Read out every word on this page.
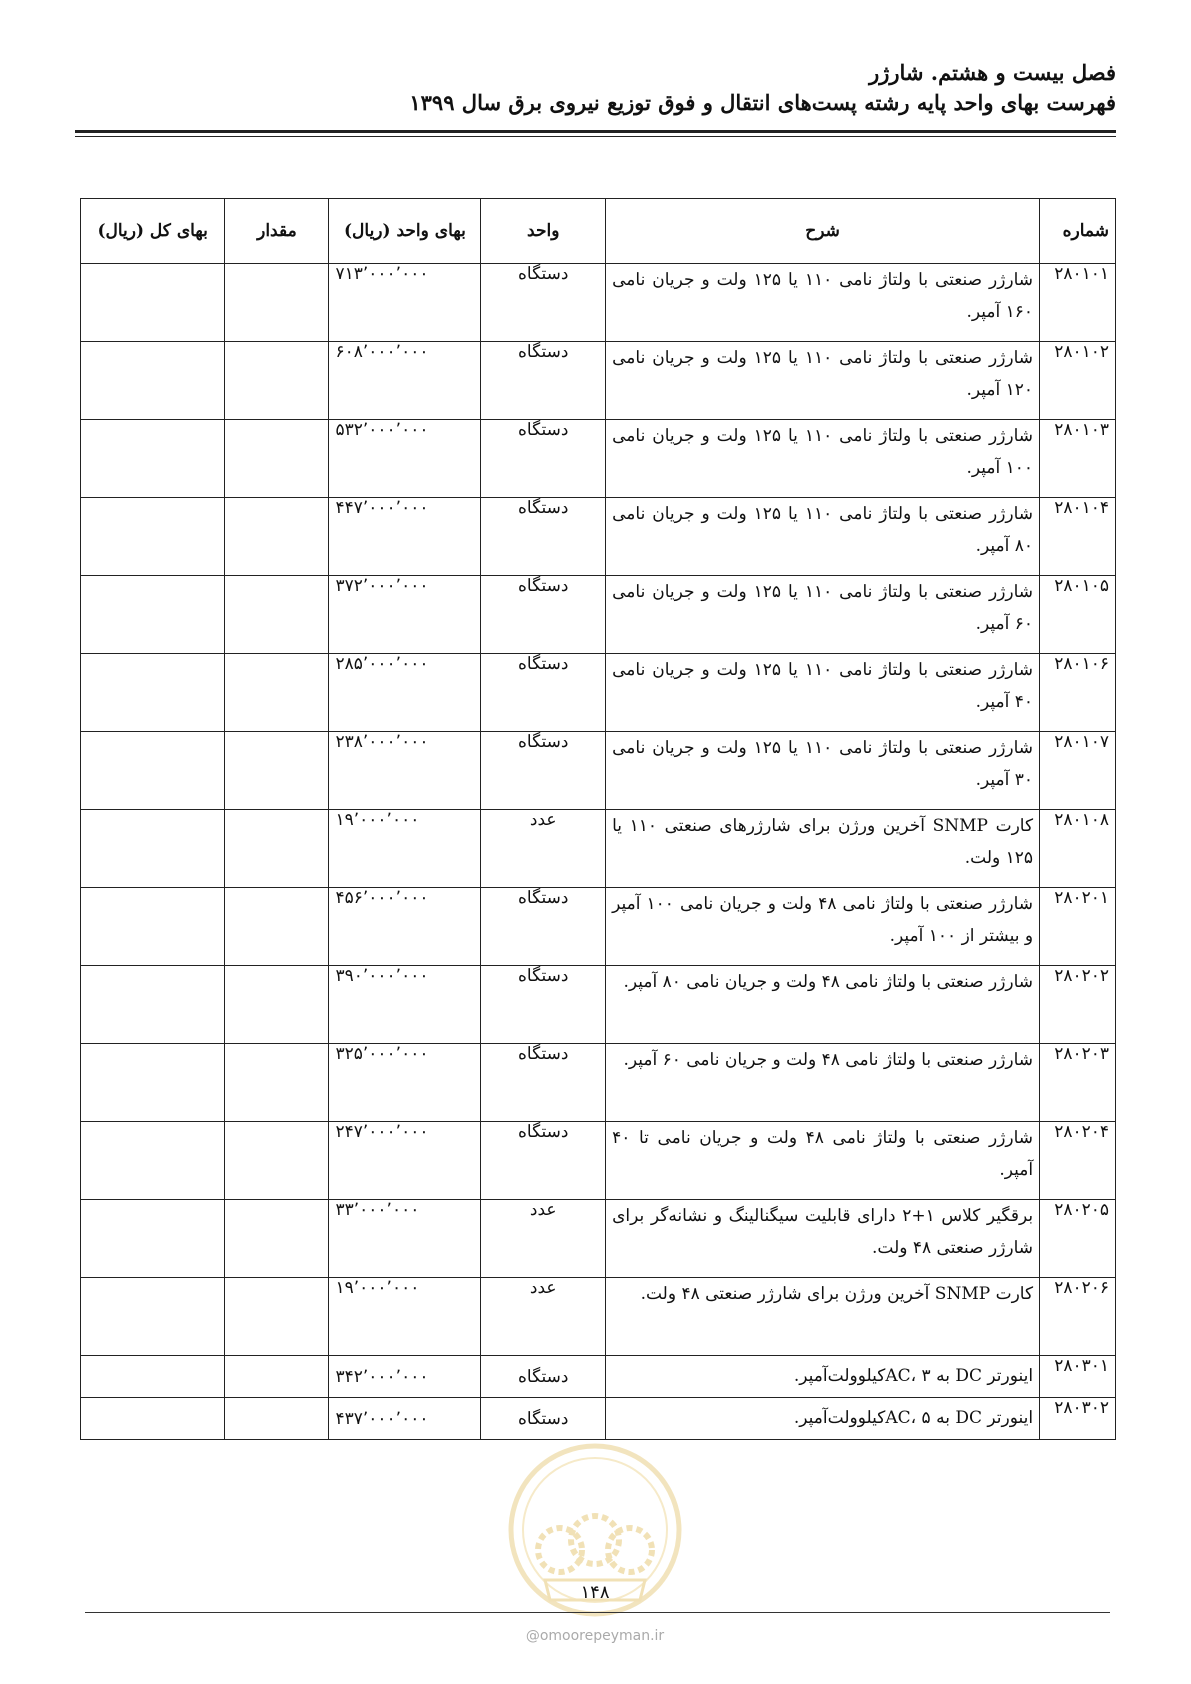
فصل بیست و هشتم. شارژر
فهرست بهای واحد پایه رشته پست‌های انتقال و فوق توزیع نیروی برق سال ۱۳۹۹
شماره	شرح	واحد	بهای واحد (ریال)	مقدار	بهای کل (ریال)
۲۸۰۱۰۱	شارژر صنعتی با ولتاژ نامی ۱۱۰ یا ۱۲۵ ولت و جریان نامی ۱۶۰ آمپر.	دستگاه	۷۱۳٬۰۰۰٬۰۰۰		
۲۸۰۱۰۲	شارژر صنعتی با ولتاژ نامی ۱۱۰ یا ۱۲۵ ولت و جریان نامی ۱۲۰ آمپر.	دستگاه	۶۰۸٬۰۰۰٬۰۰۰		
۲۸۰۱۰۳	شارژر صنعتی با ولتاژ نامی ۱۱۰ یا ۱۲۵ ولت و جریان نامی ۱۰۰ آمپر.	دستگاه	۵۳۲٬۰۰۰٬۰۰۰		
۲۸۰۱۰۴	شارژر صنعتی با ولتاژ نامی ۱۱۰ یا ۱۲۵ ولت و جریان نامی ۸۰ آمپر.	دستگاه	۴۴۷٬۰۰۰٬۰۰۰		
۲۸۰۱۰۵	شارژر صنعتی با ولتاژ نامی ۱۱۰ یا ۱۲۵ ولت و جریان نامی ۶۰ آمپر.	دستگاه	۳۷۲٬۰۰۰٬۰۰۰		
۲۸۰۱۰۶	شارژر صنعتی با ولتاژ نامی ۱۱۰ یا ۱۲۵ ولت و جریان نامی ۴۰ آمپر.	دستگاه	۲۸۵٬۰۰۰٬۰۰۰		
۲۸۰۱۰۷	شارژر صنعتی با ولتاژ نامی ۱۱۰ یا ۱۲۵ ولت و جریان نامی ۳۰ آمپر.	دستگاه	۲۳۸٬۰۰۰٬۰۰۰		
۲۸۰۱۰۸	کارت SNMP آخرین ورژن برای شارژرهای صنعتی ۱۱۰ یا ۱۲۵ ولت.	عدد	۱۹٬۰۰۰٬۰۰۰		
۲۸۰۲۰۱	شارژر صنعتی با ولتاژ نامی ۴۸ ولت و جریان نامی ۱۰۰ آمپر و بیشتر از ۱۰۰ آمپر.	دستگاه	۴۵۶٬۰۰۰٬۰۰۰		
۲۸۰۲۰۲	شارژر صنعتی با ولتاژ نامی ۴۸ ولت و جریان نامی ۸۰ آمپر.	دستگاه	۳۹۰٬۰۰۰٬۰۰۰		
۲۸۰۲۰۳	شارژر صنعتی با ولتاژ نامی ۴۸ ولت و جریان نامی ۶۰ آمپر.	دستگاه	۳۲۵٬۰۰۰٬۰۰۰		
۲۸۰۲۰۴	شارژر صنعتی با ولتاژ نامی ۴۸ ولت و جریان نامی تا ۴۰ آمپر.	دستگاه	۲۴۷٬۰۰۰٬۰۰۰		
۲۸۰۲۰۵	برقگیر کلاس ۱+۲ دارای قابلیت سیگنالینگ و نشانه‌گر برای شارژر صنعتی ۴۸ ولت.	عدد	۳۳٬۰۰۰٬۰۰۰		
۲۸۰۲۰۶	کارت SNMP آخرین ورژن برای شارژر صنعتی ۴۸ ولت.	عدد	۱۹٬۰۰۰٬۰۰۰		
۲۸۰۳۰۱	اینورتر DC به AC، ۳کیلوولت‌آمپر.	دستگاه	۳۴۲٬۰۰۰٬۰۰۰		
۲۸۰۳۰۲	اینورتر DC به AC، ۵کیلوولت‌آمپر.	دستگاه	۴۳۷٬۰۰۰٬۰۰۰		
۱۴۸
@omoorepeyman.ir
